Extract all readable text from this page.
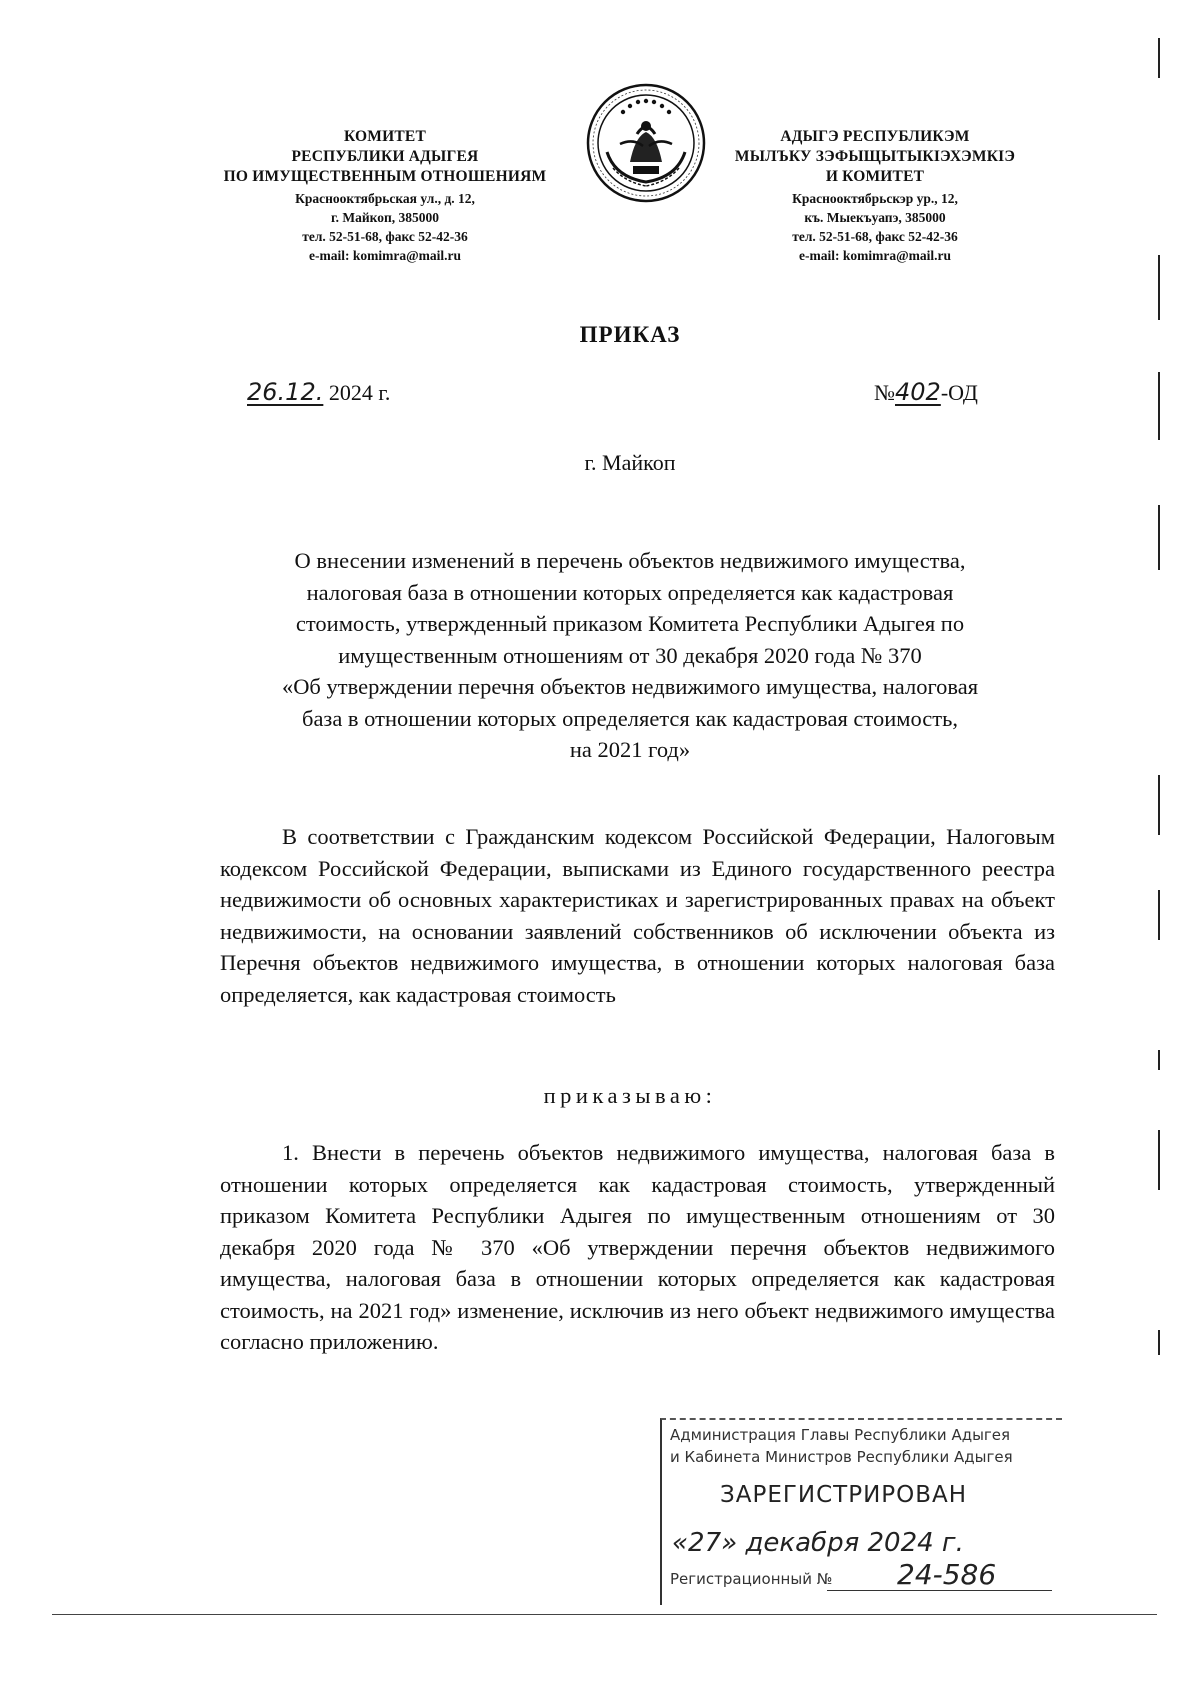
КОМИТЕТ
РЕСПУБЛИКИ АДЫГЕЯ
ПО ИМУЩЕСТВЕННЫМ ОТНОШЕНИЯМ
Краснооктябрьская ул., д. 12,
г. Майкоп, 385000
тел. 52-51-68, факс 52-42-36
e-mail: komimra@mail.ru
АДЫГЭ РЕСПУБЛИКЭМ
МЫЛЪКУ ЗЭФЫЩЫТЫКІЭХЭМКІЭ
И КОМИТЕТ
Краснооктябрьскэр ур., 12,
къ. Мыекъуапэ, 385000
тел. 52-51-68, факс 52-42-36
e-mail: komimra@mail.ru
ПРИКАЗ
26.12. 2024 г.	№402-ОД
г. Майкоп
О внесении изменений в перечень объектов недвижимого имущества,
налоговая база в отношении которых определяется как кадастровая
стоимость, утвержденный приказом Комитета Республики Адыгея по
имущественным отношениям от 30 декабря 2020 года № 370
«Об утверждении перечня объектов недвижимого имущества, налоговая
база в отношении которых определяется как кадастровая стоимость,
на 2021 год»
В соответствии с Гражданским кодексом Российской Федерации, Налоговым кодексом Российской Федерации, выписками из Единого государственного реестра недвижимости об основных характеристиках и зарегистрированных правах на объект недвижимости, на основании заявлений собственников об исключении объекта из Перечня объектов недвижимого имущества, в отношении которых налоговая база определяется, как кадастровая стоимость
приказываю:
1. Внести в перечень объектов недвижимого имущества, налоговая база в отношении которых определяется как кадастровая стоимость, утвержденный приказом Комитета Республики Адыгея по имущественным отношениям от 30 декабря 2020 года № 370 «Об утверждении перечня объектов недвижимого имущества, налоговая база в отношении которых определяется как кадастровая стоимость, на 2021 год» изменение, исключив из него объект недвижимого имущества согласно приложению.
Администрация Главы Республики Адыгея
и Кабинета Министров Республики Адыгея
ЗАРЕГИСТРИРОВАН
«27» декабря 2024 г.
Регистрационный № 24-586
